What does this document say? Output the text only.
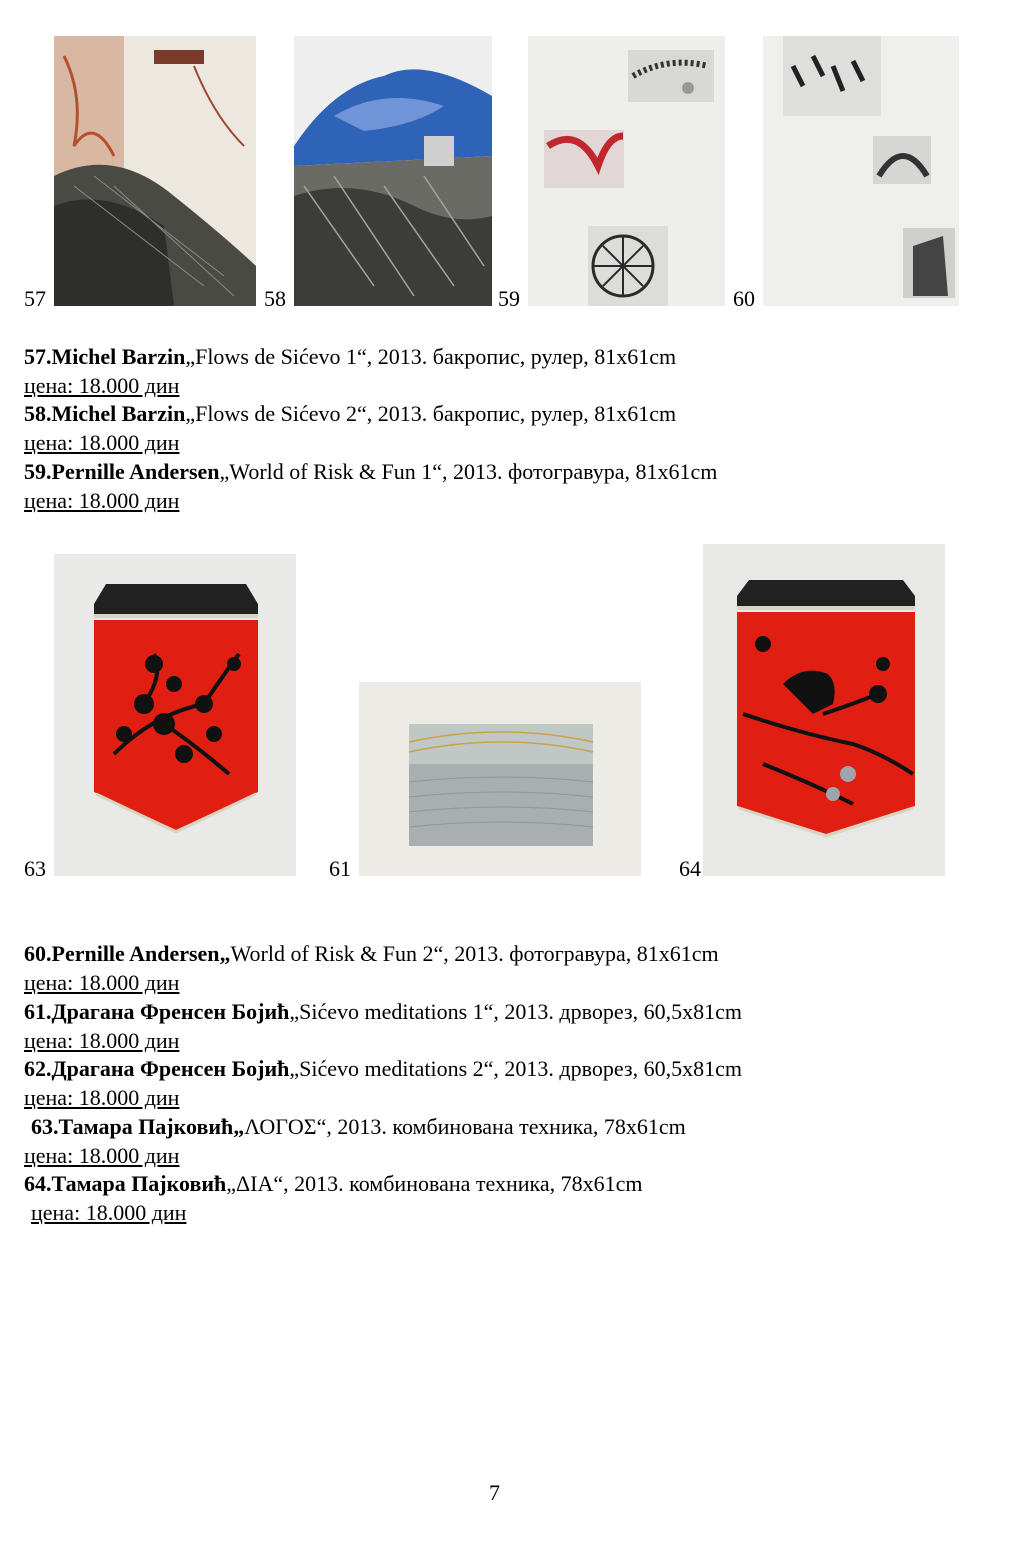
57	58	59	60
57.Michel Barzin„Flows de Sićevo 1“, 2013. бакропис, рулер, 81x61cm
цена: 18.000 дин
58.Michel Barzin„Flows de Sićevo 2“, 2013. бакропис, рулер, 81x61cm
цена: 18.000 дин
59.Pernille Andersen„World of Risk & Fun 1“, 2013. фотогравура, 81x61cm
цена: 18.000 дин
63	61	64
60.Pernille Andersen„World of Risk & Fun 2“, 2013. фотогравура, 81x61cm
цена: 18.000 дин
61.Драгана Френсен Бојић„Sićevo meditations 1“, 2013. дрворез, 60,5x81cm
цена: 18.000 дин
62.Драгана Френсен Бојић„Sićevo meditations 2“, 2013. дрворез, 60,5x81cm
цена: 18.000 дин
63.Тамара Пајковић„ΛΟΓΟΣ“, 2013. комбинована техника, 78x61cm
цена: 18.000 дин
64.Тамара Пајковић„ΔΙΑ“, 2013. комбинована техника, 78x61cm
цена: 18.000 дин
7
